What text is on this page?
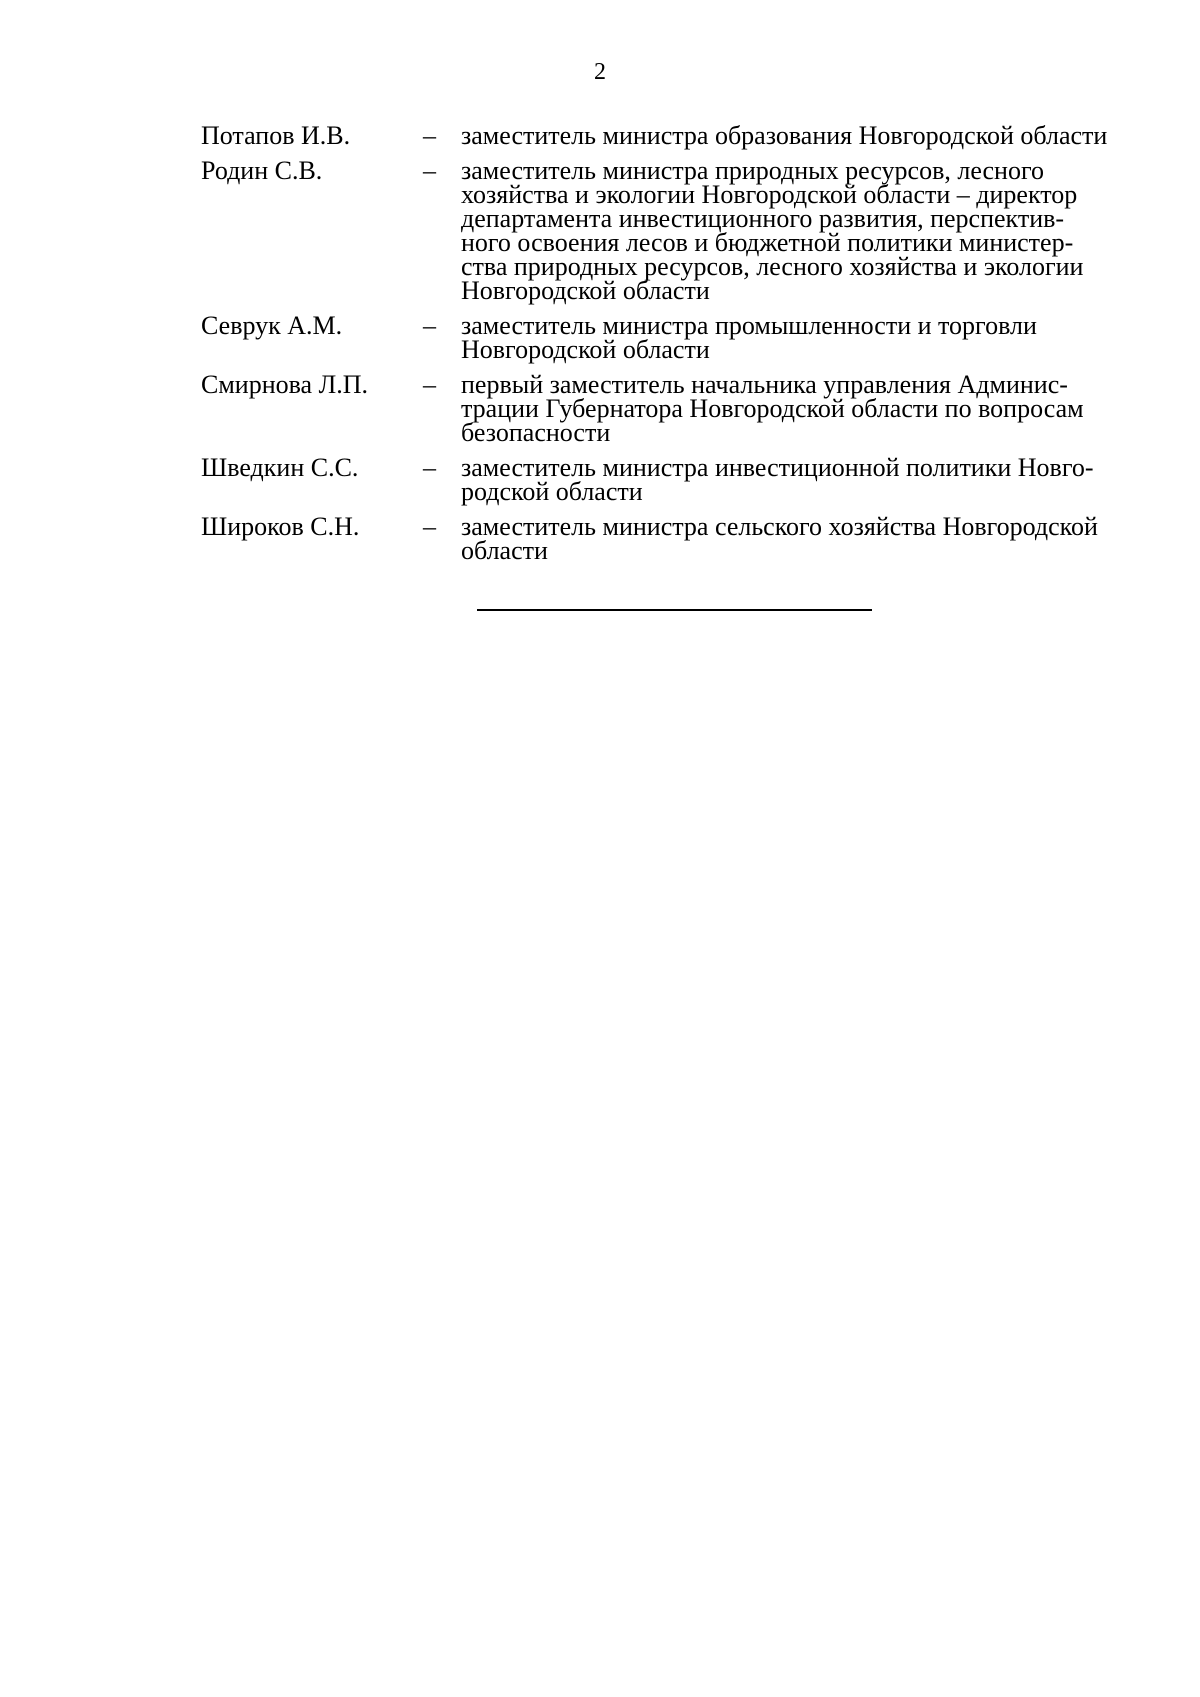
2
Потапов И.В.	– заместитель министра образования Новгородской области
Родин С.В.	– заместитель министра природных ресурсов, лесного
хозяйства и экологии Новгородской области – директор
департамента инвестиционного развития, перспектив-
ного освоения лесов и бюджетной политики министер-
ства природных ресурсов, лесного хозяйства и экологии
Новгородской области
Севрук А.М.	– заместитель министра промышленности и торговли
Новгородской области
Смирнова Л.П.	– первый заместитель начальника управления Админис-
трации Губернатора Новгородской области по вопросам
безопасности
Шведкин С.С.	– заместитель министра инвестиционной политики Новго-
родской области
Широков С.Н.	– заместитель министра сельского хозяйства Новгородской
области
